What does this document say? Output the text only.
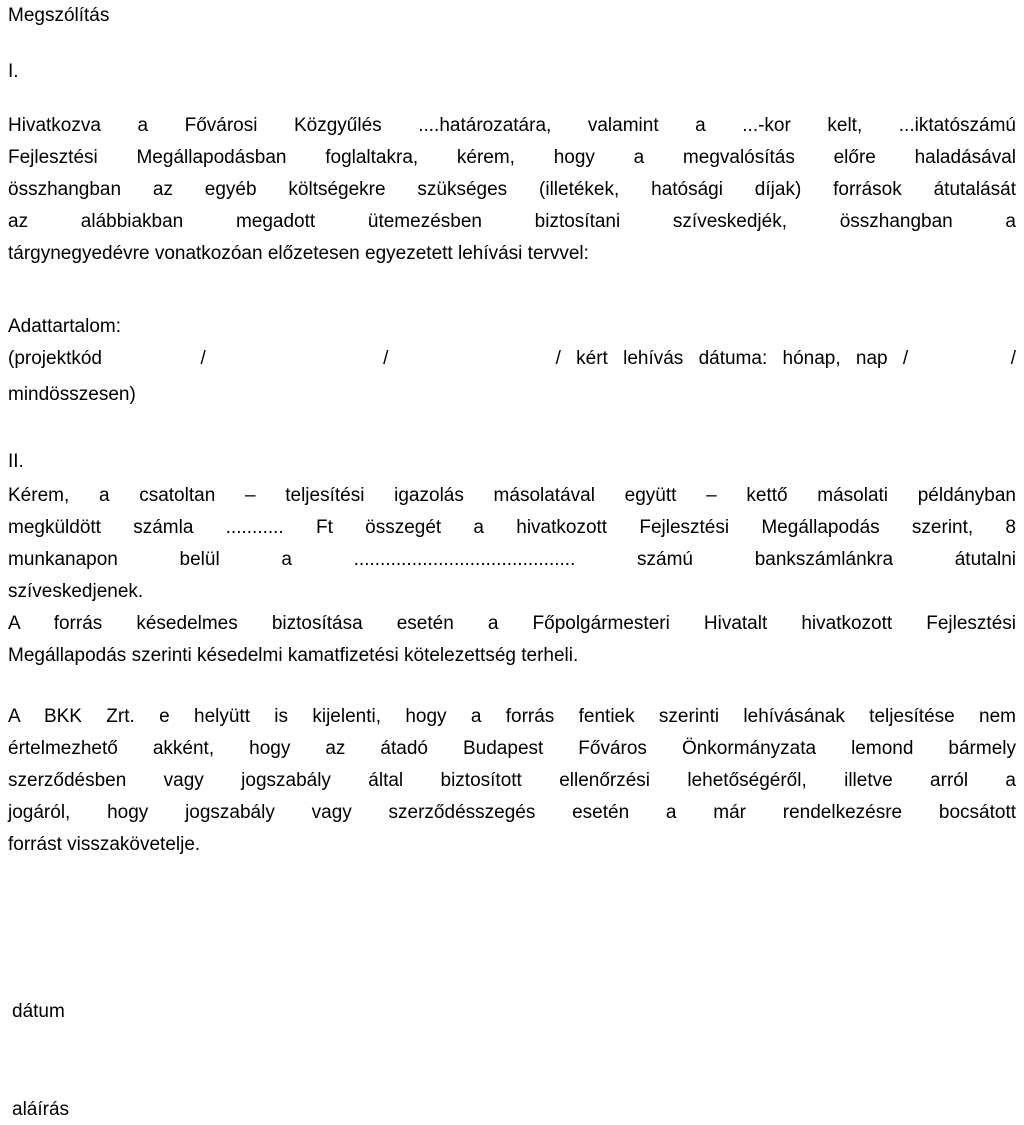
Megszólítás
I.
Hivatkozva a Fővárosi Közgyűlés ....határozatára, valamint a ...-kor kelt, ...iktatószámú
Fejlesztési Megállapodásban foglaltakra, kérem, hogy a megvalósítás előre haladásával
összhangban az egyéb költségekre szükséges (illetékek, hatósági díjak) források átutalását
az alábbiakban megadott ütemezésben biztosítani szíveskedjék, összhangban a
tárgynegyedévre vonatkozóan előzetesen egyezetett lehívási tervvel:
Adattartalom:
(projektkód	/	/	/ kért lehívás dátuma: hónap, nap /	/
mindösszesen)
II.
Kérem, a csatoltan – teljesítési igazolás másolatával együtt – kettő másolati példányban
megküldött számla ........... Ft összegét a hivatkozott Fejlesztési Megállapodás szerint, 8
munkanapon belül a .......................................... számú bankszámlánkra átutalni
szíveskedjenek.
A forrás késedelmes biztosítása esetén a Főpolgármesteri Hivatalt hivatkozott Fejlesztési
Megállapodás szerinti késedelmi kamatfizetési kötelezettség terheli.
A BKK Zrt. e helyütt is kijelenti, hogy a forrás fentiek szerinti lehívásának teljesítése nem
értelmezhető akként, hogy az átadó Budapest Főváros Önkormányzata lemond bármely
szerződésben vagy jogszabály által biztosított ellenőrzési lehetőségéről, illetve arról a
jogáról, hogy jogszabály vagy szerződésszegés esetén a már rendelkezésre bocsátott
forrást visszakövetelje.
dátum
aláírás
